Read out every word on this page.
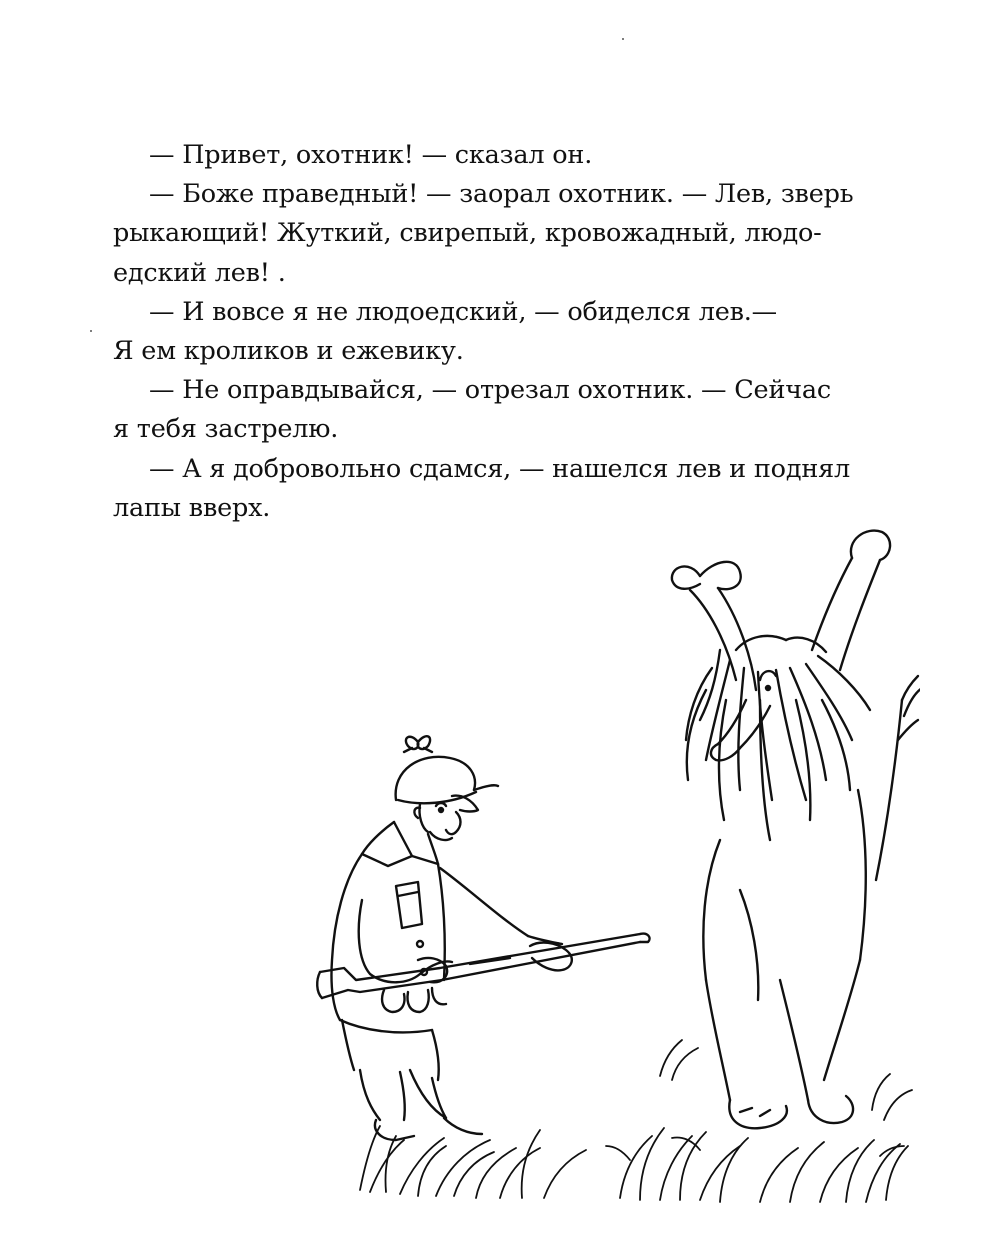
— Привет, охотник! — сказал он.
— Боже праведный! — заорал охотник. — Лев, зверь
рыкающий! Жуткий, свирепый, кровожадный, людо-
едский лев! .
— И вовсе я не людоедский, — обиделся лев.—
Я ем кроликов и ежевику.
— Не оправдывайся, — отрезал охотник. — Сейчас
я тебя застрелю.
— А я добровольно сдамся, — нашелся лев и поднял
лапы вверх.
